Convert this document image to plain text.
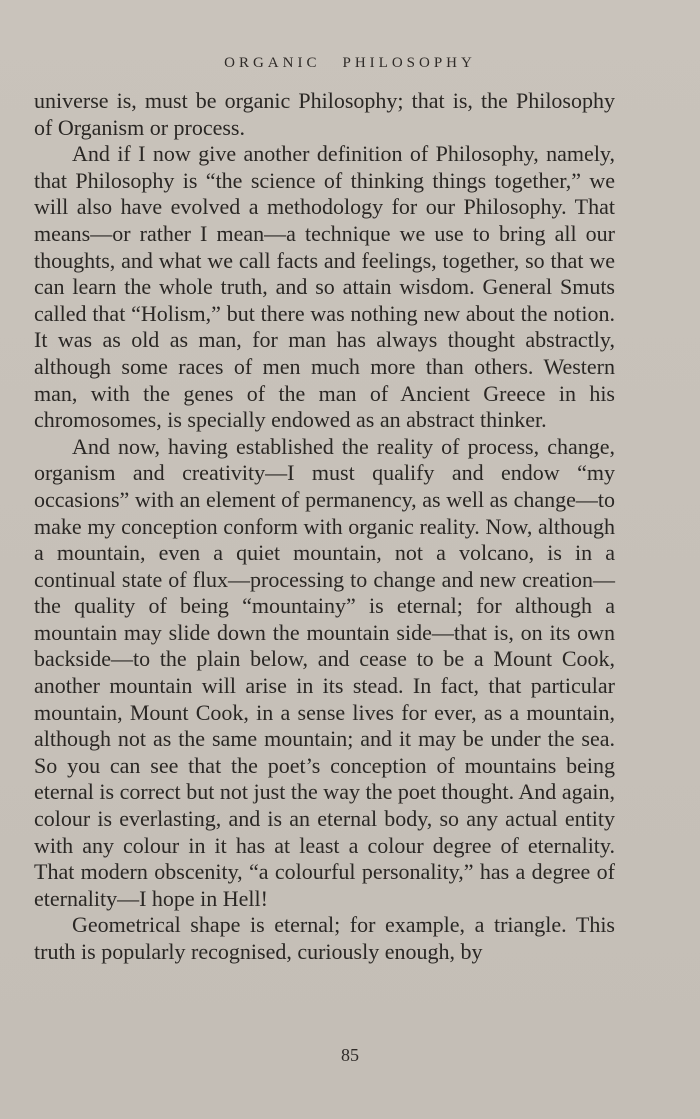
ORGANIC PHILOSOPHY

universe is, must be organic Philosophy; that is, the Philosophy of Organism or process.

And if I now give another definition of Philosophy, namely, that Philosophy is “the science of thinking things together,” we will also have evolved a methodology for our Philosophy. That means—or rather I mean—a technique we use to bring all our thoughts, and what we call facts and feelings, together, so that we can learn the whole truth, and so attain wisdom. General Smuts called that “Holism,” but there was nothing new about the notion. It was as old as man, for man has always thought abstractly, although some races of men much more than others. Western man, with the genes of the man of Ancient Greece in his chromosomes, is specially endowed as an abstract thinker.

And now, having established the reality of process, change, organism and creativity—I must qualify and endow “my occasions” with an element of permanency, as well as change—to make my conception conform with organic reality. Now, although a mountain, even a quiet mountain, not a volcano, is in a continual state of flux—processing to change and new creation—the quality of being “mountainy” is eternal; for although a mountain may slide down the mountain side—that is, on its own backside—to the plain below, and cease to be a Mount Cook, another mountain will arise in its stead. In fact, that particular mountain, Mount Cook, in a sense lives for ever, as a mountain, although not as the same mountain; and it may be under the sea. So you can see that the poet’s conception of mountains being eternal is correct but not just the way the poet thought. And again, colour is everlasting, and is an eternal body, so any actual entity with any colour in it has at least a colour degree of eternality. That modern obscenity, “a colourful personality,” has a degree of eternality—I hope in Hell!

Geometrical shape is eternal; for example, a triangle. This truth is popularly recognised, curiously enough, by

85
